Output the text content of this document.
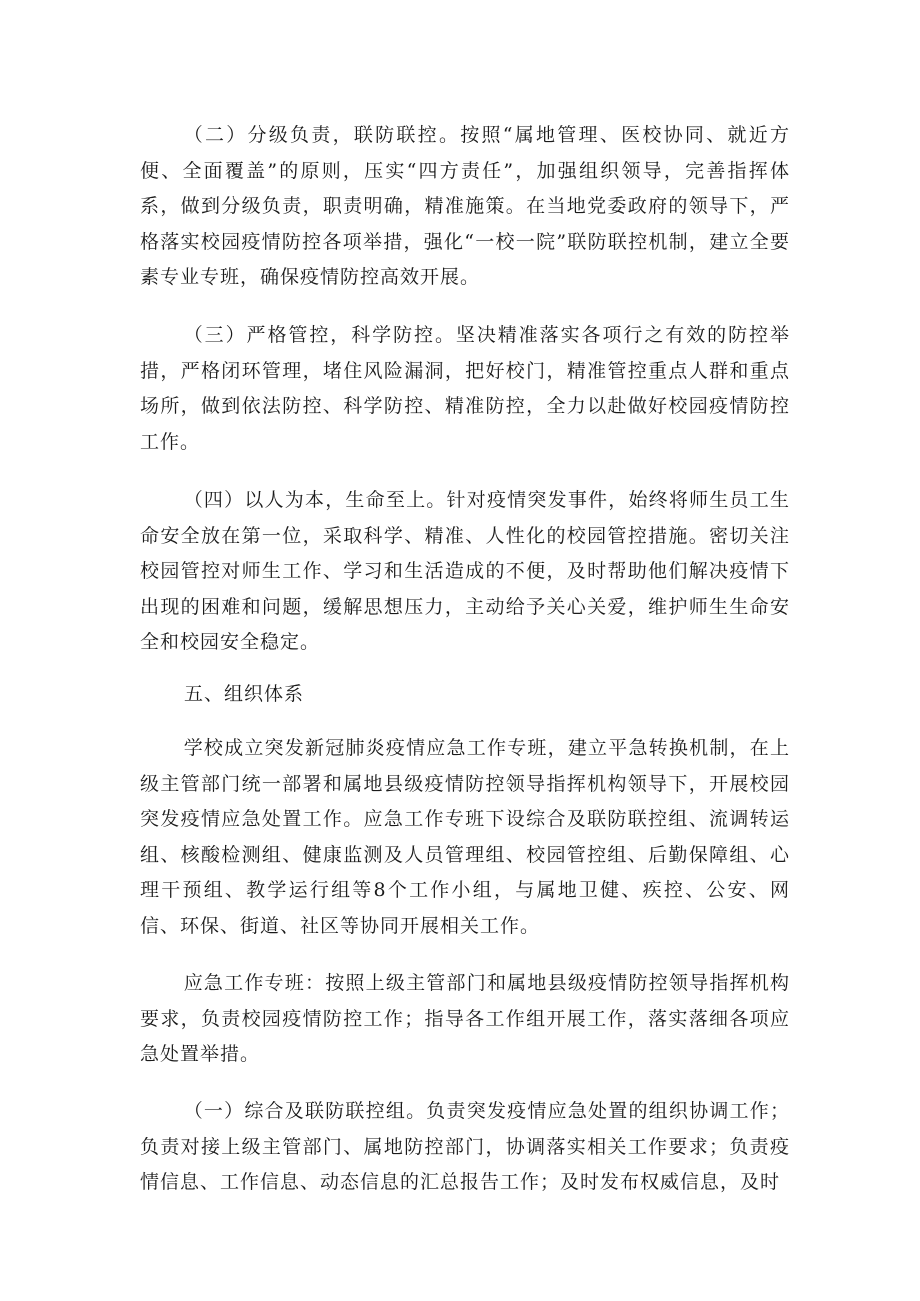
（二）分级负责，联防联控。按照“属地管理、医校协同、就近方便、全面覆盖”的原则，压实“四方责任”，加强组织领导，完善指挥体系，做到分级负责，职责明确，精准施策。在当地党委政府的领导下，严格落实校园疫情防控各项举措，强化“一校一院”联防联控机制，建立全要素专业专班，确保疫情防控高效开展。

（三）严格管控，科学防控。坚决精准落实各项行之有效的防控举措，严格闭环管理，堵住风险漏洞，把好校门，精准管控重点人群和重点场所，做到依法防控、科学防控、精准防控，全力以赴做好校园疫情防控工作。

（四）以人为本，生命至上。针对疫情突发事件，始终将师生员工生命安全放在第一位，采取科学、精准、人性化的校园管控措施。密切关注校园管控对师生工作、学习和生活造成的不便，及时帮助他们解决疫情下出现的困难和问题，缓解思想压力，主动给予关心关爱，维护师生生命安全和校园安全稳定。

五、组织体系

学校成立突发新冠肺炎疫情应急工作专班，建立平急转换机制，在上级主管部门统一部署和属地县级疫情防控领导指挥机构领导下，开展校园突发疫情应急处置工作。应急工作专班下设综合及联防联控组、流调转运组、核酸检测组、健康监测及人员管理组、校园管控组、后勤保障组、心理干预组、教学运行组等8个工作小组，与属地卫健、疾控、公安、网信、环保、街道、社区等协同开展相关工作。

应急工作专班：按照上级主管部门和属地县级疫情防控领导指挥机构要求，负责校园疫情防控工作；指导各工作组开展工作，落实落细各项应急处置举措。

（一）综合及联防联控组。负责突发疫情应急处置的组织协调工作；负责对接上级主管部门、属地防控部门，协调落实相关工作要求；负责疫情信息、工作信息、动态信息的汇总报告工作；及时发布权威信息，及时
